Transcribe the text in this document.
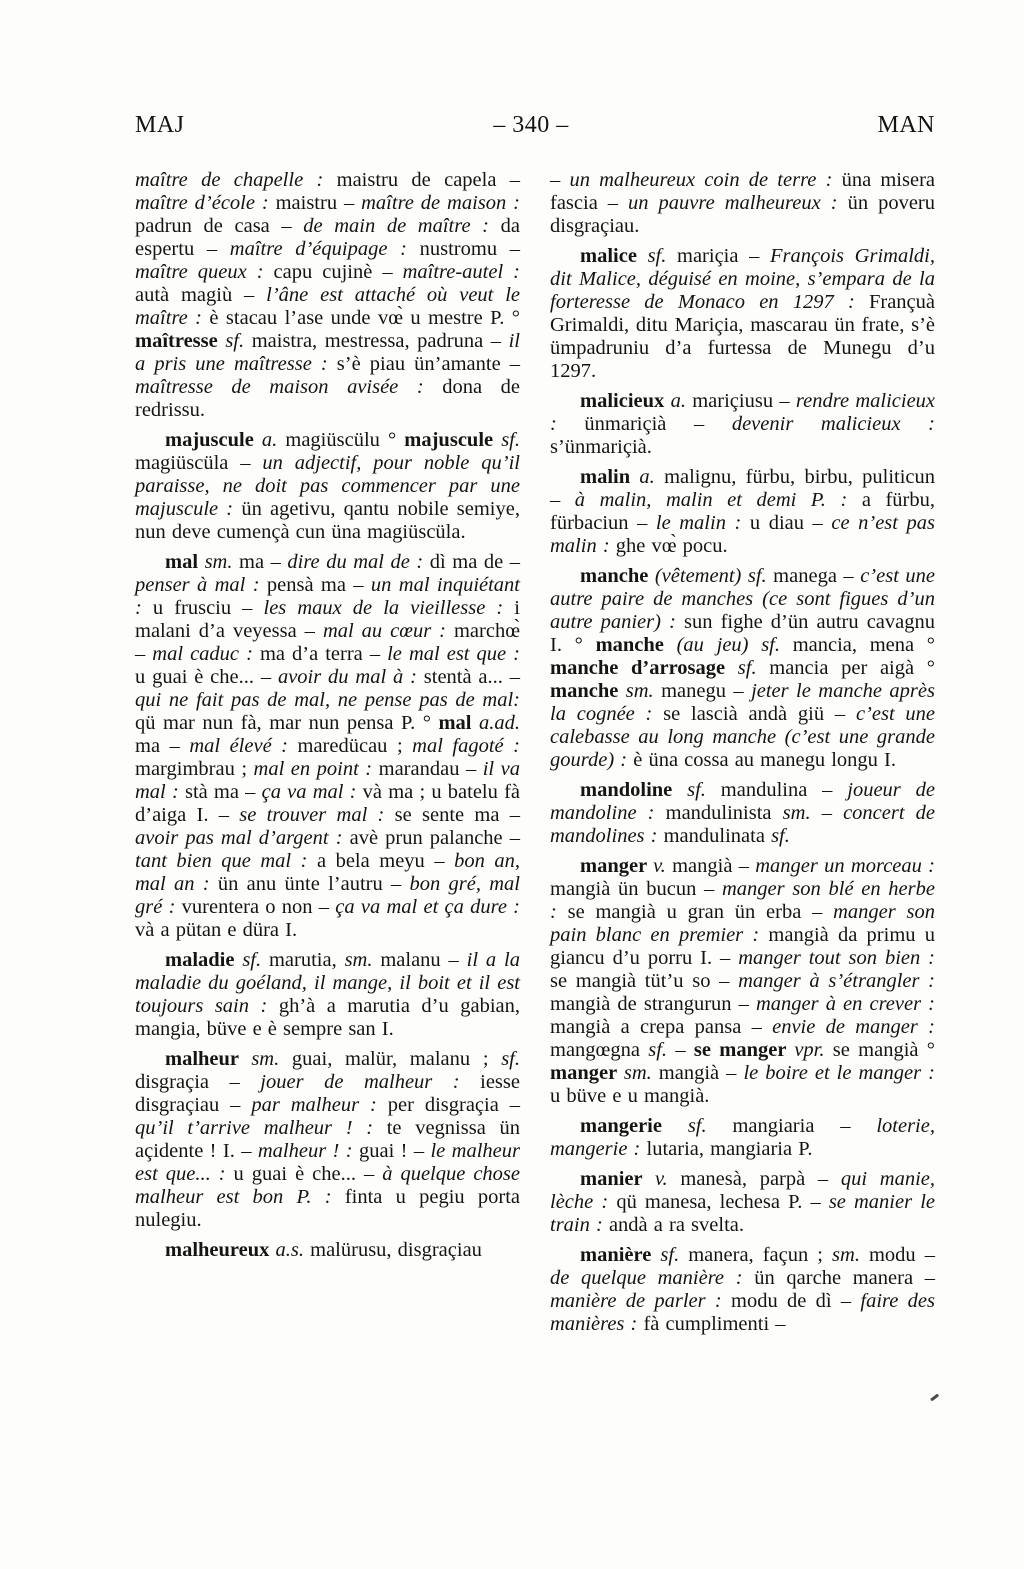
MAJ	– 340 –	MAN

maître de chapelle : maistru de capela – maître d’école : maistru – maître de maison : padrun de casa – de main de maître : da espertu – maître d’équipage : nustromu – maître queux : capu cujinè – maître-autel : autà magiù – l’âne est attaché où veut le maître : è stacau l’ase unde vœ̀ u mestre P. ° maîtresse sf. maistra, mestressa, padruna – il a pris une maîtresse : s’è piau ün’amante – maîtresse de maison avisée : dona de redrissu.

majuscule a. magiüscülu ° majuscule sf. magiüscüla – un adjectif, pour noble qu’il paraisse, ne doit pas commencer par une majuscule : ün agetivu, qantu nobile semiye, nun deve cumençà cun üna magiüscüla.

mal sm. ma – dire du mal de : dì ma de – penser à mal : pensà ma – un mal inquiétant : u frusciu – les maux de la vieillesse : i malani d’a veyessa – mal au cœur : marchœ̀ – mal caduc : ma d’a terra – le mal est que : u guai è che... – avoir du mal à : stentà a... – qui ne fait pas de mal, ne pense pas de mal: qü mar nun fà, mar nun pensa P. ° mal a.ad. ma – mal élevé : maredücau ; mal fagoté : margimbrau ; mal en point : marandau – il va mal : stà ma – ça va mal : và ma ; u batelu fà d’aiga I. – se trouver mal : se sente ma – avoir pas mal d’argent : avè prun palanche – tant bien que mal : a bela meyu – bon an, mal an : ün anu ünte l’autru – bon gré, mal gré : vurentera o non – ça va mal et ça dure : và a pütan e düra I.

maladie sf. marutia, sm. malanu – il a la maladie du goéland, il mange, il boit et il est toujours sain : gh’à a marutia d’u gabian, mangia, büve e è sempre san I.

malheur sm. guai, malür, malanu ; sf. disgraçia – jouer de malheur : iesse disgraçiau – par malheur : per disgraçia – qu’il t’arrive malheur ! : te vegnissa ün açidente ! I. – malheur ! : guai ! – le malheur est que... : u guai è che... – à quelque chose malheur est bon P. : finta u pegiu porta nulegiu.

malheureux a.s. malürusu, disgraçiau

– un malheureux coin de terre : üna misera fascia – un pauvre malheureux : ün poveru disgraçiau.

malice sf. mariçia – François Grimaldi, dit Malice, déguisé en moine, s’empara de la forteresse de Monaco en 1297 : Françuà Grimaldi, ditu Mariçia, mascarau ün frate, s’è ümpadruniu d’a furtessa de Munegu d’u 1297.

malicieux a. mariçiusu – rendre malicieux : ünmariçià – devenir malicieux : s’ünmariçià.

malin a. malignu, fürbu, birbu, puliticun – à malin, malin et demi P. : a fürbu, fürbaciun – le malin : u diau – ce n’est pas malin : ghe vœ̀ pocu.

manche (vêtement) sf. manega – c’est une autre paire de manches (ce sont figues d’un autre panier) : sun fighe d’ün autru cavagnu I. ° manche (au jeu) sf. mancia, mena ° manche d’arrosage sf. mancia per aigà ° manche sm. manegu – jeter le manche après la cognée : se lascià andà giü – c’est une calebasse au long manche (c’est une grande gourde) : è üna cossa au manegu longu I.

mandoline sf. mandulina – joueur de mandoline : mandulinista sm. – concert de mandolines : mandulinata sf.

manger v. mangià – manger un morceau : mangià ün bucun – manger son blé en herbe : se mangià u gran ün erba – manger son pain blanc en premier : mangià da primu u giancu d’u porru I. – manger tout son bien : se mangià tüt’u so – manger à s’étrangler : mangià de strangurun – manger à en crever : mangià a crepa pansa – envie de manger : mangœgna sf. – se manger vpr. se mangià ° manger sm. mangià – le boire et le manger : u büve e u mangià.

mangerie sf. mangiaria – loterie, mangerie : lutaria, mangiaria P.

manier v. manesà, parpà – qui manie, lèche : qü manesa, lechesa P. – se manier le train : andà a ra svelta.

manière sf. manera, façun ; sm. modu – de quelque manière : ün qarche manera – manière de parler : modu de dì – faire des manières : fà cumplimenti –
